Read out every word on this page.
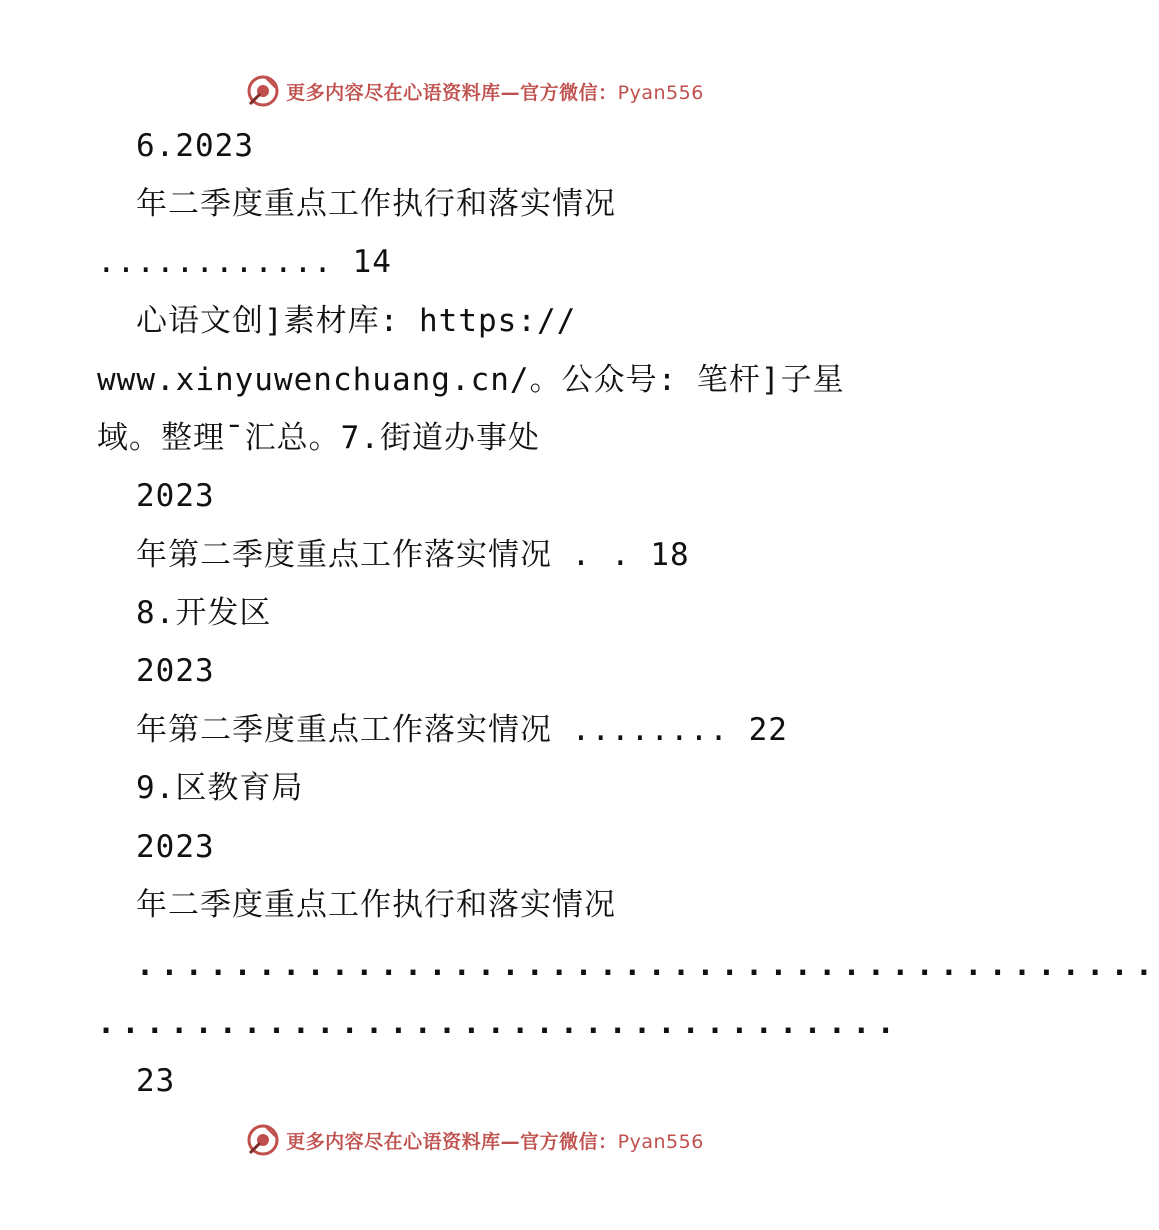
更多内容尽在心语资料库—官方微信：Pyan556
6.2023
年二季度重点工作执行和落实情况
............ 14
心语文创]素材库: https://
www.xinyuwenchuang.cn/。公众号: 笔杆]子星
域。整理¯汇总。7.街道办事处
2023
年第二季度重点工作落实情况 . . 18
8.开发区
2023
年第二季度重点工作落实情况 ........ 22
9.区教育局
2023
年二季度重点工作执行和落实情况
..........................................
.................................
23
更多内容尽在心语资料库—官方微信：Pyan556
